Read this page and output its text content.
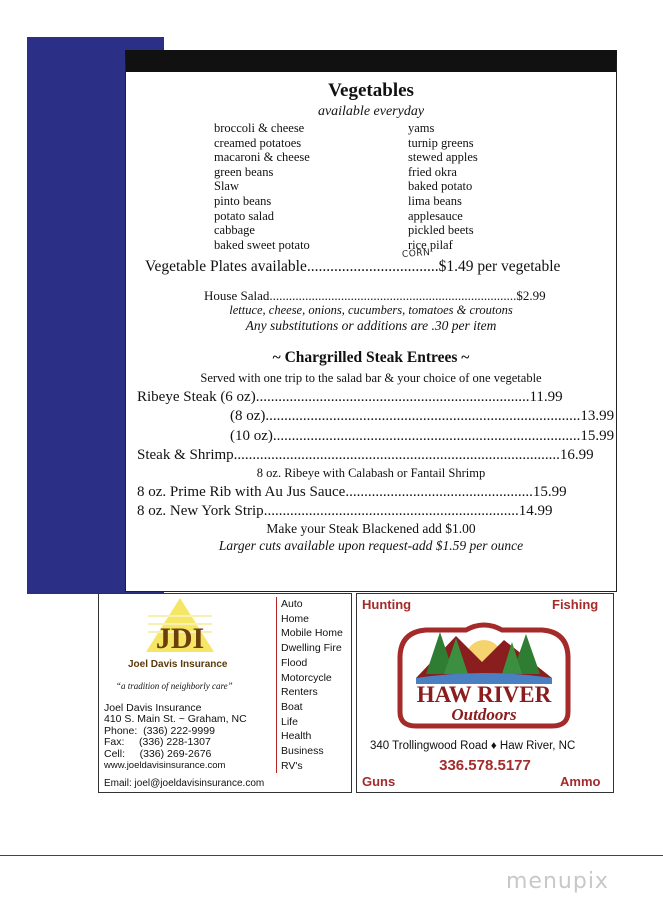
Vegetables
available everyday
broccoli & cheese
creamed potatoes
macaroni & cheese
green beans
Slaw
pinto beans
potato salad
cabbage
baked sweet potato
yams
turnip greens
stewed apples
fried okra
baked potato
lima beans
applesauce
pickled beets
rice pilaf
CORN
Vegetable Plates available..................................$1.49 per vegetable
House Salad............................................................................$2.99
lettuce, cheese, onions, cucumbers, tomatoes & croutons
Any substitutions or additions are .30 per item
~ Chargrilled Steak Entrees ~
Served with one trip to the salad bar & your choice of one vegetable
Ribeye Steak (6 oz).........................................................................11.99
(8 oz)....................................................................................13.99
(10 oz)..................................................................................15.99
Steak & Shrimp.......................................................................................16.99
8 oz. Ribeye with Calabash or Fantail Shrimp
8 oz. Prime Rib with Au Jus Sauce..................................................15.99
8 oz. New York Strip....................................................................14.99
Make your Steak Blackened add $1.00
Larger cuts available upon request-add $1.59 per ounce
JDI
Joel Davis Insurance
“a tradition of neighborly care”
Joel Davis Insurance
410 S. Main St. ~ Graham, NC
Phone:  (336) 222-9999
Fax:     (336) 228-1307
Cell:     (336) 269-2676
www.joeldavisinsurance.com
Email: joel@joeldavisinsurance.com
Auto
Home
Mobile Home
Dwelling Fire
Flood
Motorcycle
Renters
Boat
Life
Health
Business
RV's
Hunting	Fishing
Guns	Ammo
HAW RIVER
Outdoors
340 Trollingwood Road ♦ Haw River, NC
336.578.5177
menupix
